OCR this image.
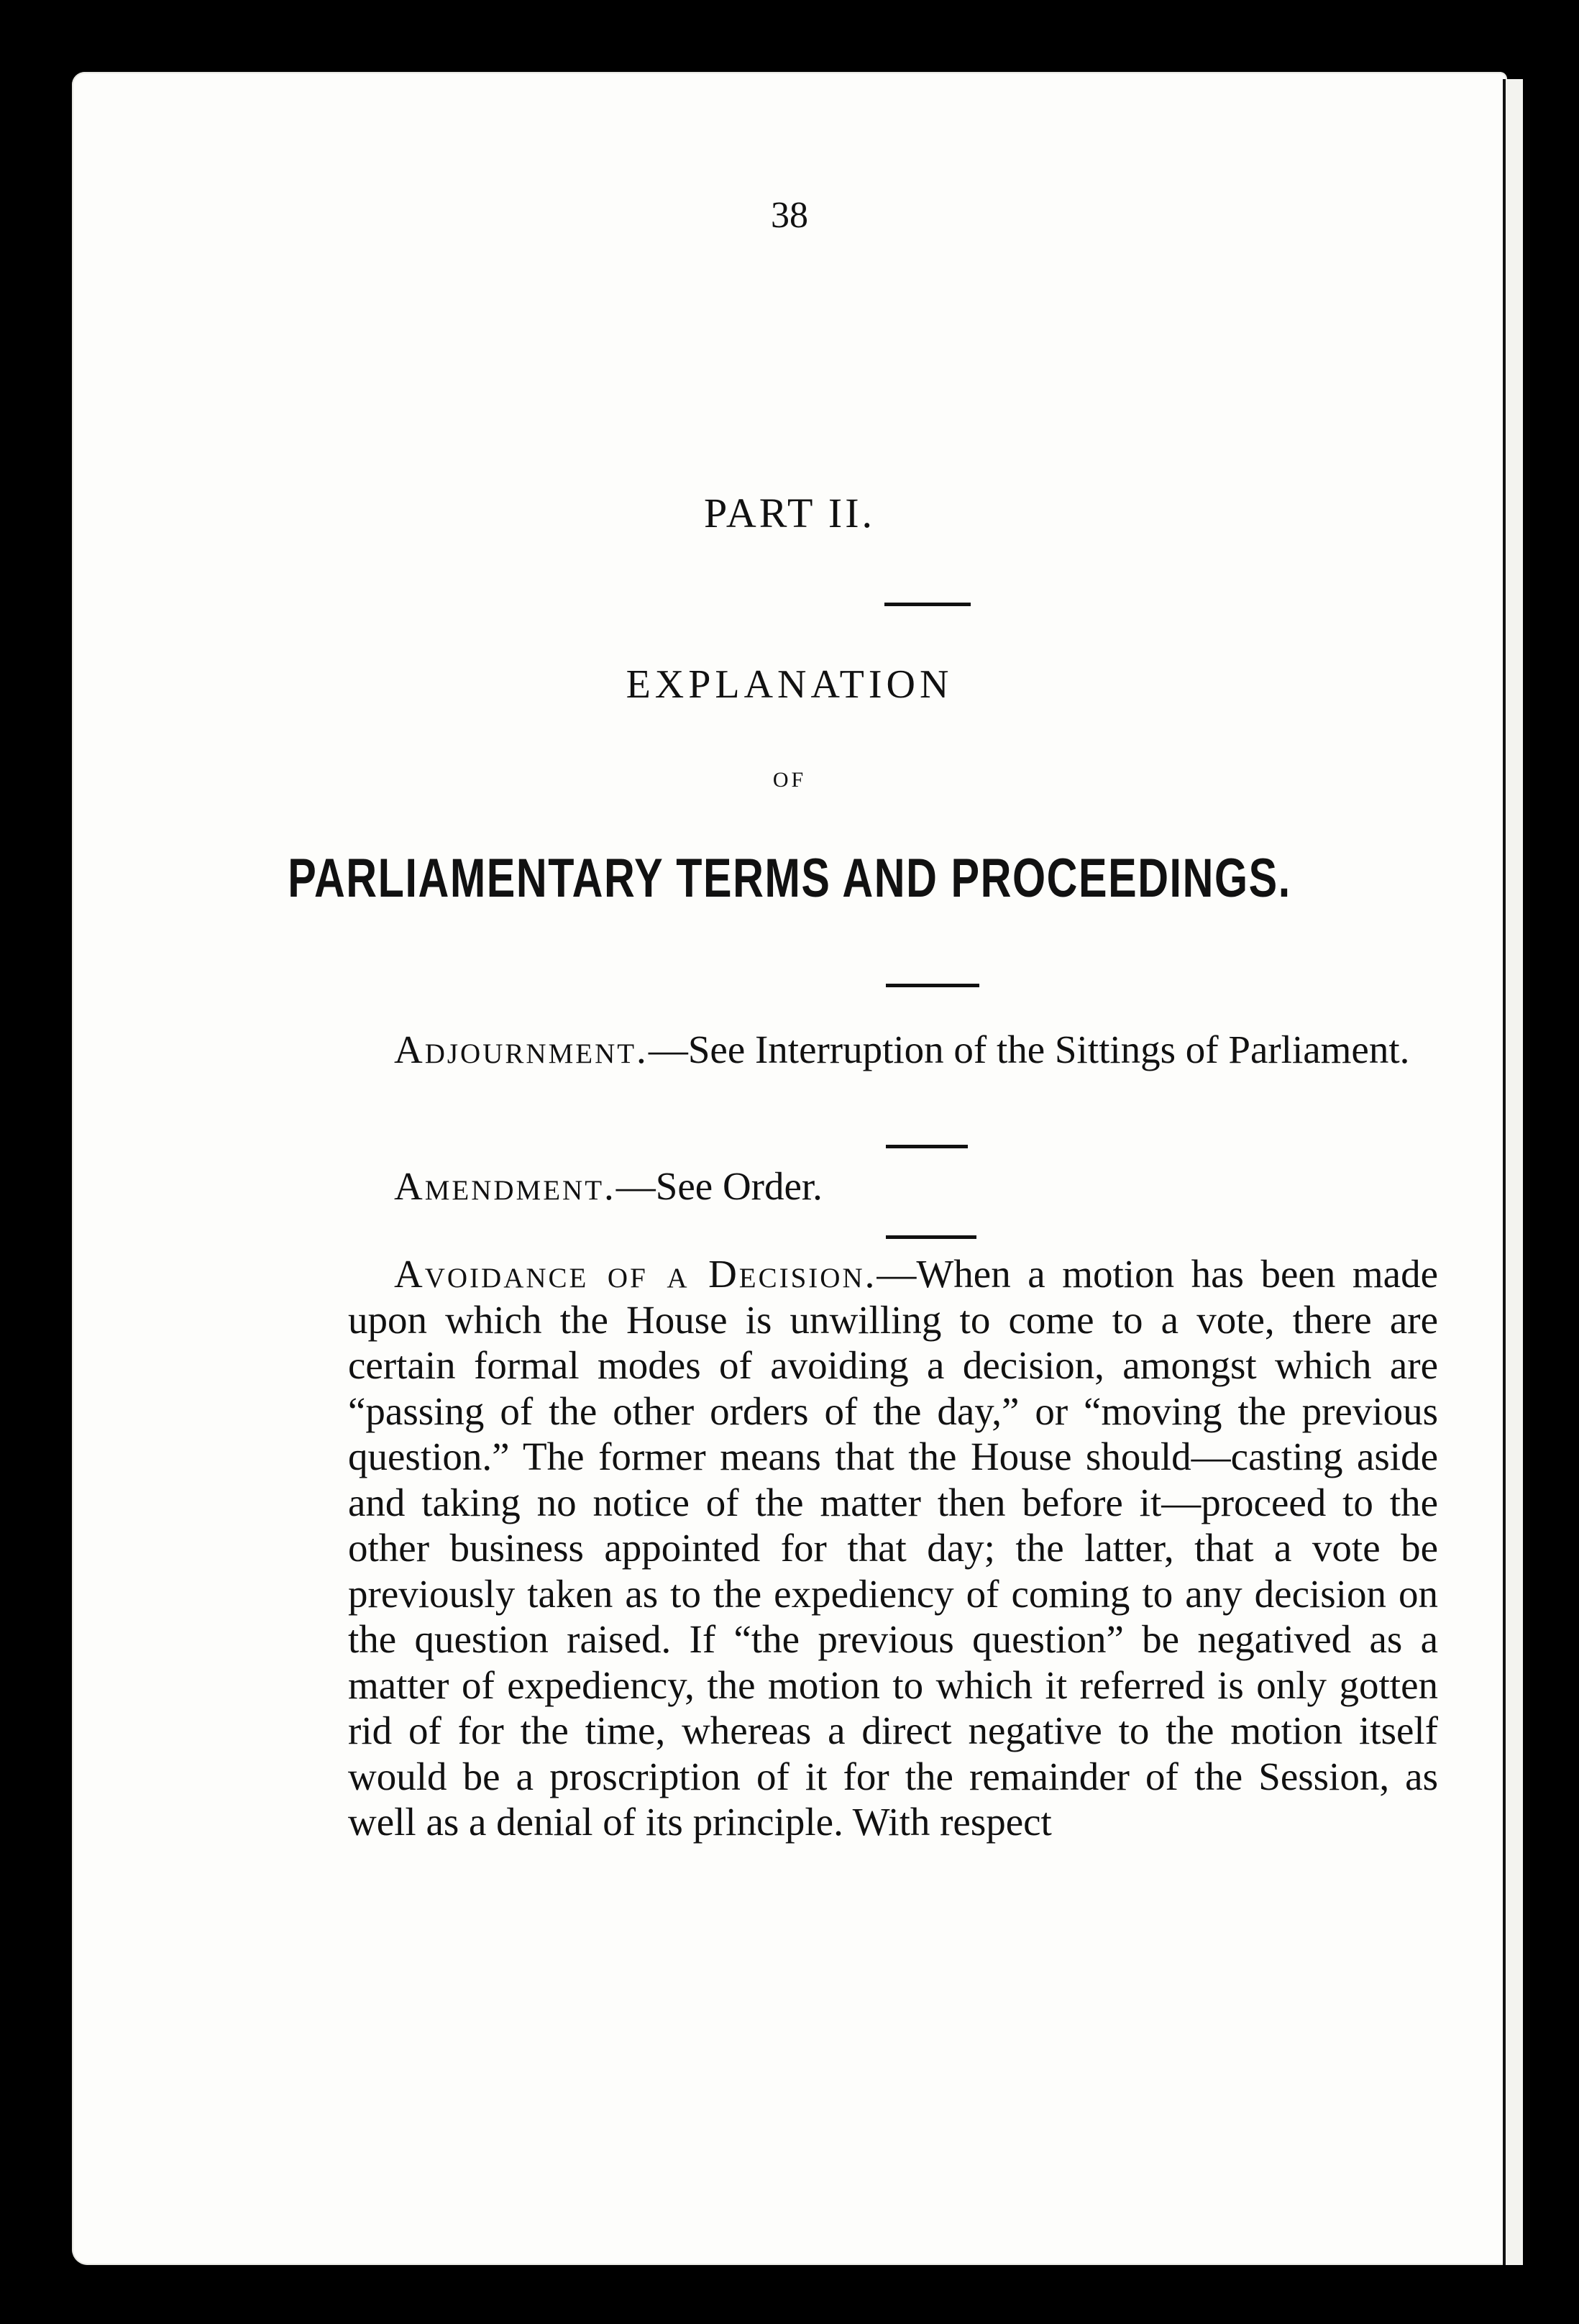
38
PART II.
EXPLANATION
OF
PARLIAMENTARY TERMS AND PROCEEDINGS.

Adjournment.—See Interruption of the Sittings of Parliament.

Amendment.—See Order.

Avoidance of a Decision.—When a motion has been made upon which the House is unwilling to come to a vote, there are certain formal modes of avoiding a decision, amongst which are “passing of the other orders of the day,” or “moving the previous question.” The former means that the House should—casting aside and taking no notice of the matter then before it—proceed to the other business appointed for that day; the latter, that a vote be previously taken as to the expediency of coming to any decision on the question raised. If “the previous question” be negatived as a matter of expediency, the motion to which it referred is only gotten rid of for the time, whereas a direct negative to the motion itself would be a proscription of it for the remainder of the Session, as well as a denial of its principle. With respect
